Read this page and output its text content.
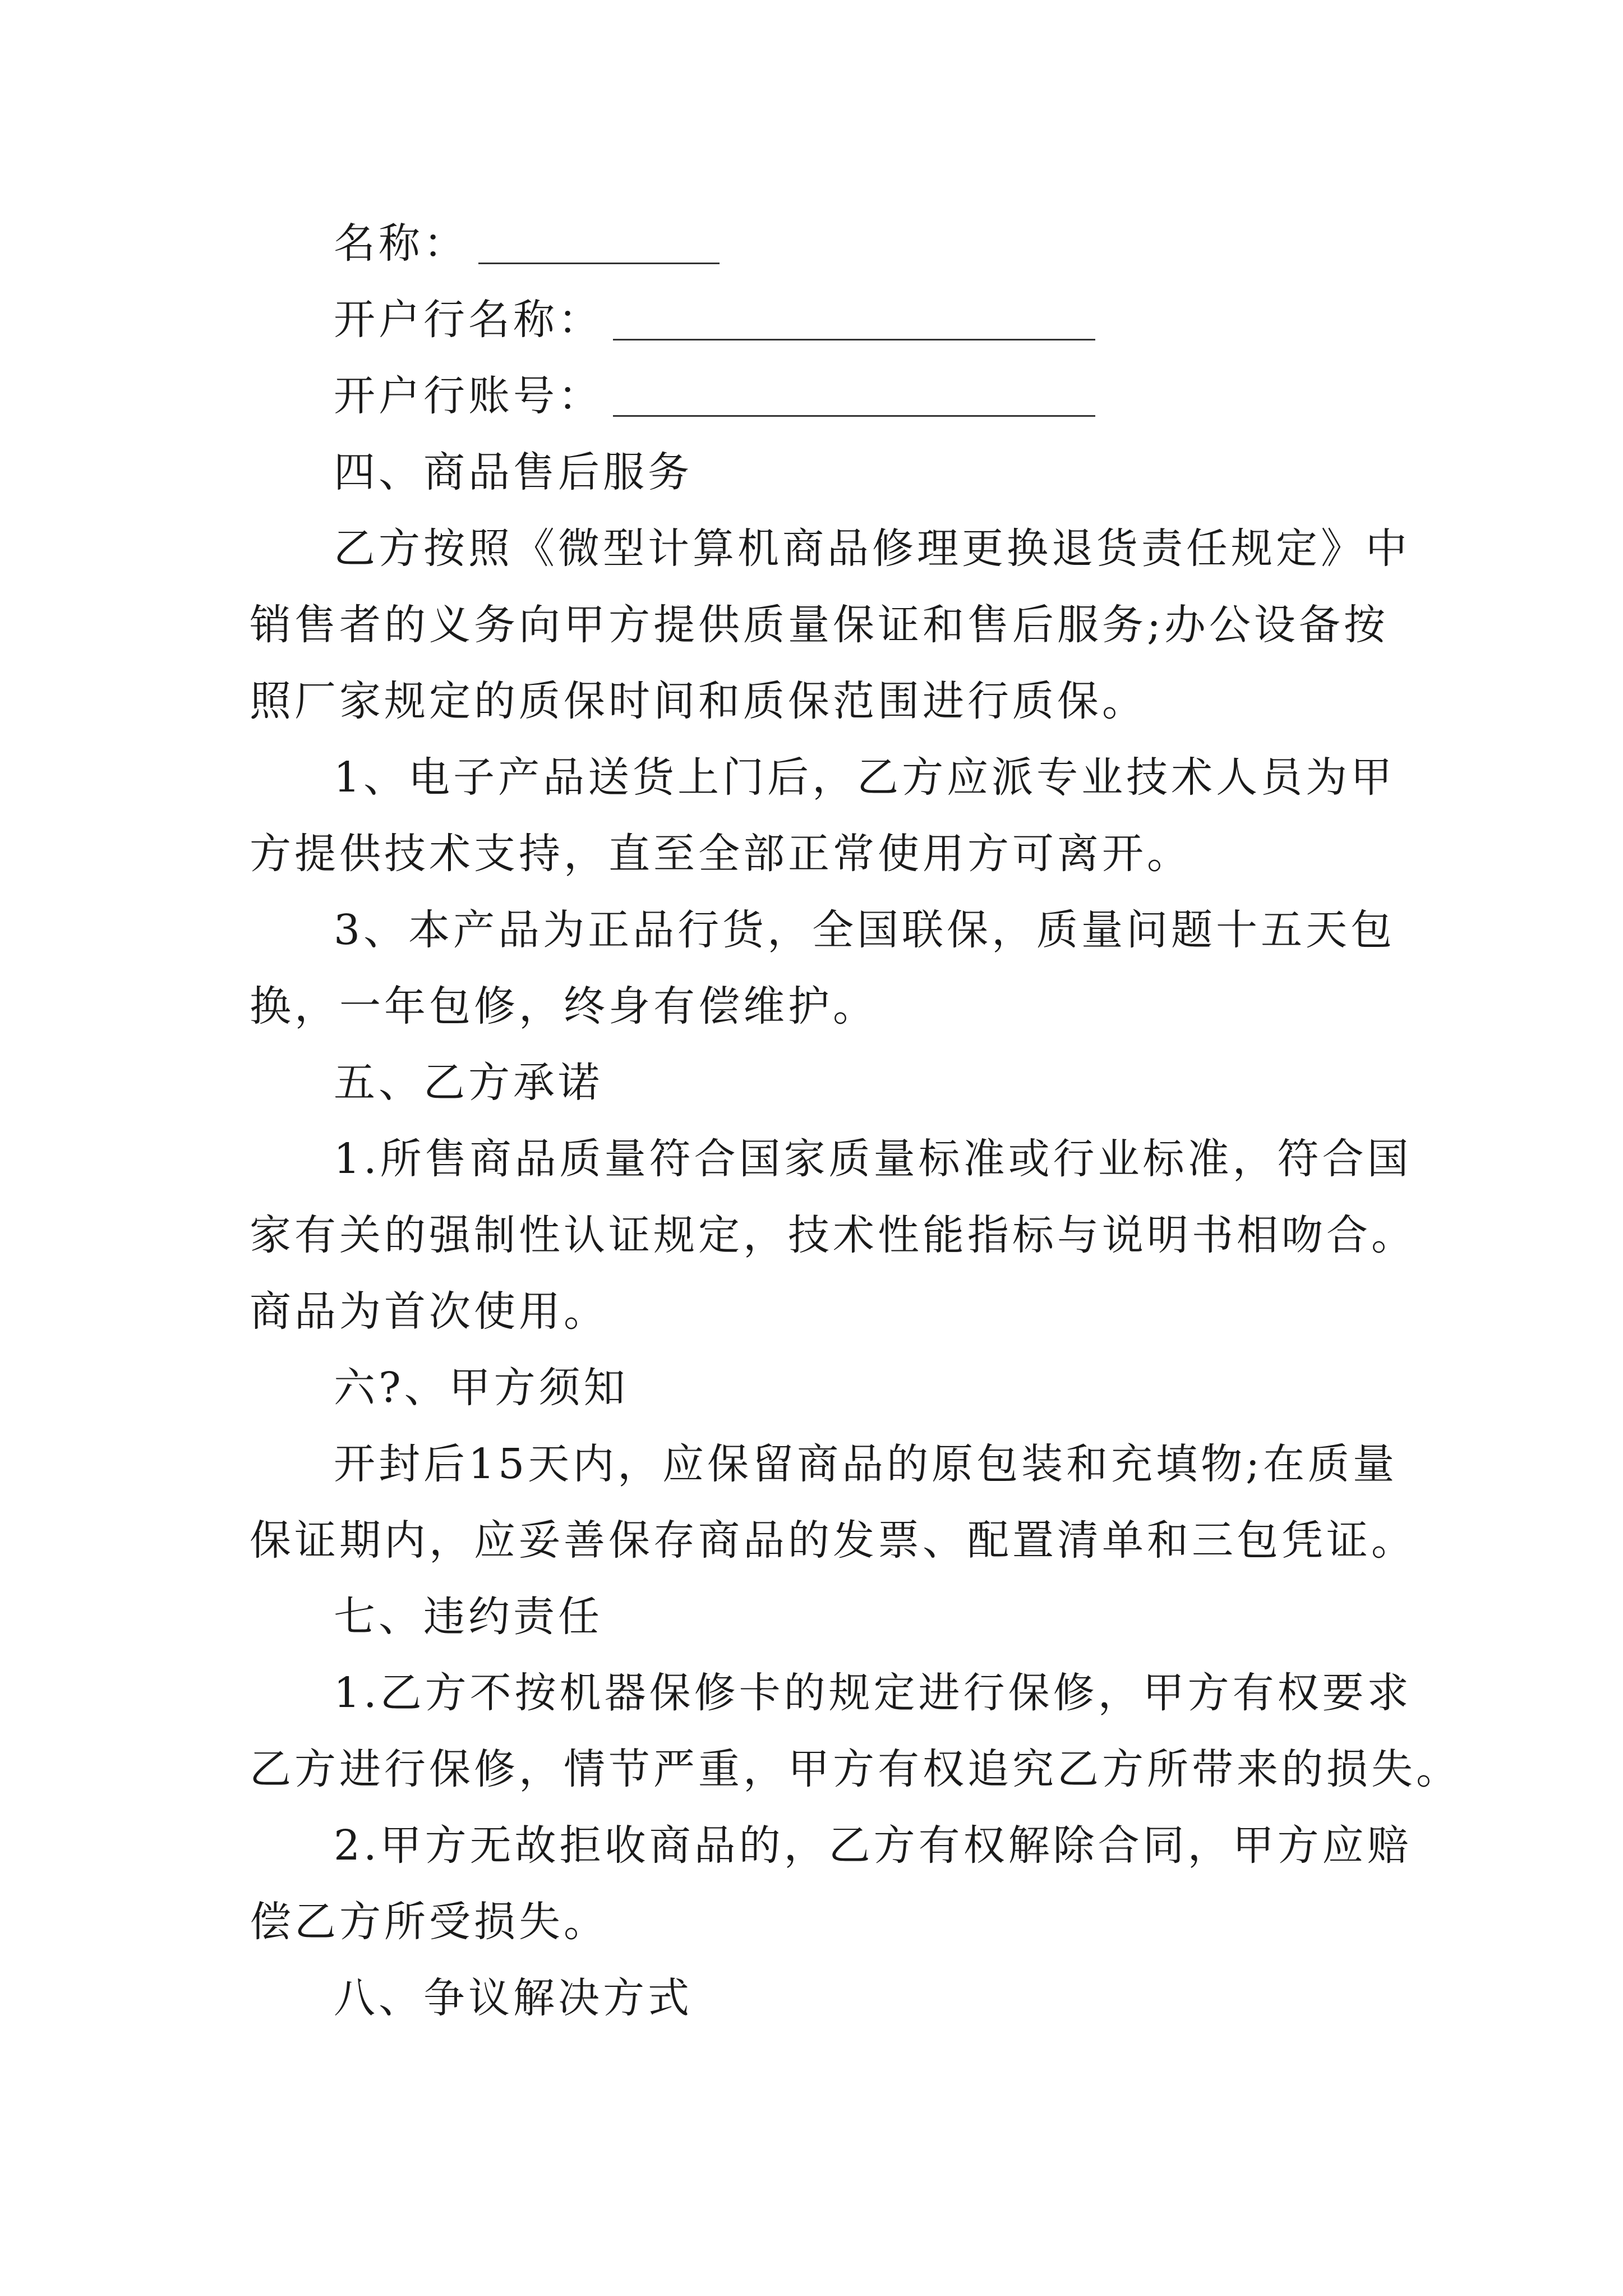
名称：
开户行名称：
开户行账号：
四、商品售后服务
乙方按照《微型计算机商品修理更换退货责任规定》中
销售者的义务向甲方提供质量保证和售后服务;办公设备按
照厂家规定的质保时间和质保范围进行质保。
1、电子产品送货上门后，乙方应派专业技术人员为甲
方提供技术支持，直至全部正常使用方可离开。
3、本产品为正品行货，全国联保，质量问题十五天包
换，一年包修，终身有偿维护。
五、乙方承诺
1.所售商品质量符合国家质量标准或行业标准，符合国
家有关的强制性认证规定，技术性能指标与说明书相吻合。
商品为首次使用。
六?、甲方须知
开封后15天内，应保留商品的原包装和充填物;在质量
保证期内，应妥善保存商品的发票、配置清单和三包凭证。
七、违约责任
1.乙方不按机器保修卡的规定进行保修，甲方有权要求
乙方进行保修，情节严重，甲方有权追究乙方所带来的损失。
2.甲方无故拒收商品的，乙方有权解除合同，甲方应赔
偿乙方所受损失。
八、争议解决方式
